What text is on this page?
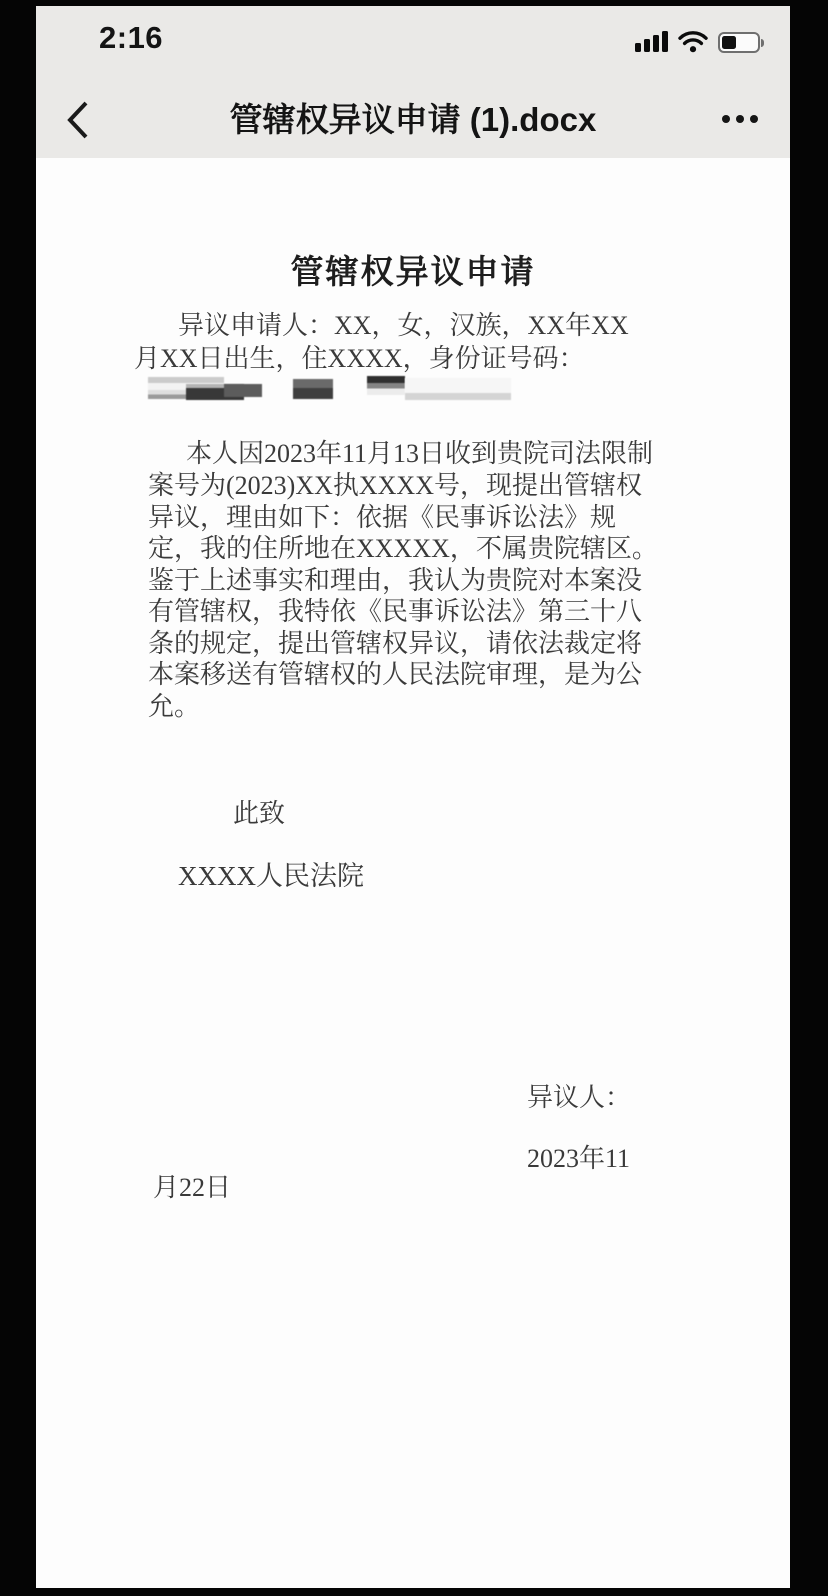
2:16
管辖权异议申请 (1).docx
管辖权异议申请
异议申请人：XX，女，汉族，XX年XX
月XX日出生，住XXXX，身份证号码：
本人因2023年11月13日收到贵院司法限制
案号为(2023)XX执XXXX号，现提出管辖权
异议，理由如下：依据《民事诉讼法》规
定，我的住所地在XXXXX，不属贵院辖区。
鉴于上述事实和理由，我认为贵院对本案没
有管辖权，我特依《民事诉讼法》第三十八
条的规定，提出管辖权异议，请依法裁定将
本案移送有管辖权的人民法院审理，是为公
允。
此致
XXXX人民法院
异议人：
2023年11
月22日
